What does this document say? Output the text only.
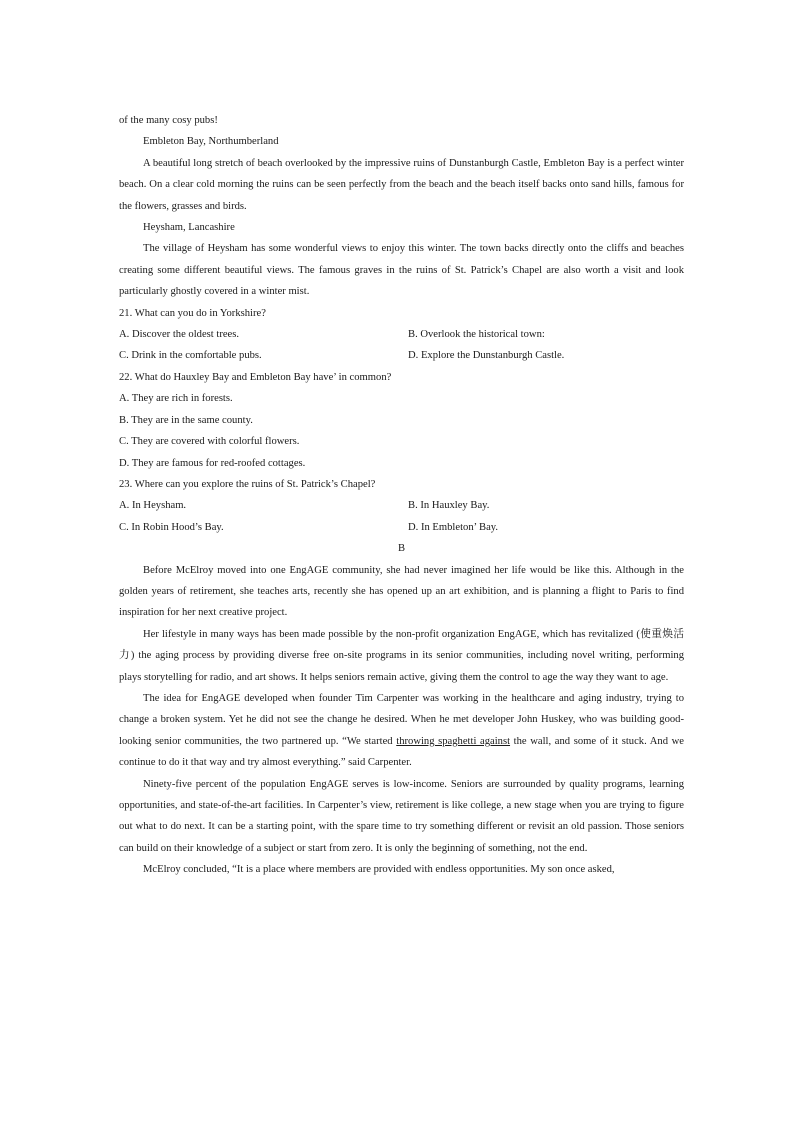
of the many cosy pubs!

Embleton Bay, Northumberland

A beautiful long stretch of beach overlooked by the impressive ruins of Dunstanburgh Castle, Embleton Bay is a perfect winter beach. On a clear cold morning the ruins can be seen perfectly from the beach and the beach itself backs onto sand hills, famous for the flowers, grasses and birds.

Heysham, Lancashire

The village of Heysham has some wonderful views to enjoy this winter. The town backs directly onto the cliffs and beaches creating some different beautiful views. The famous graves in the ruins of St. Patrick’s Chapel are also worth a visit and look particularly ghostly covered in a winter mist.

21. What can you do in Yorkshire?

A. Discover the oldest trees.	B. Overlook the historical town:
C. Drink in the comfortable pubs.	D. Explore the Dunstanburgh Castle.

22. What do Hauxley Bay and Embleton Bay have’ in common?

A. They are rich in forests.

B. They are in the same county.

C. They are covered with colorful flowers.

D. They are famous for red-roofed cottages.

23. Where can you explore the ruins of St. Patrick’s Chapel?

A. In Heysham.	B. In Hauxley Bay.
C. In Robin Hood’s Bay.	D. In Embleton’ Bay.

B

Before McElroy moved into one EngAGE community, she had never imagined her life would be like this. Although in the golden years of retirement, she teaches arts, recently she has opened up an art exhibition, and is planning a flight to Paris to find inspiration for her next creative project.

Her lifestyle in many ways has been made possible by the non-profit organization EngAGE, which has revitalized (使重焕活力) the aging process by providing diverse free on-site programs in its senior communities, including novel writing, performing plays storytelling for radio, and art shows. It helps seniors remain active, giving them the control to age the way they want to age.

The idea for EngAGE developed when founder Tim Carpenter was working in the healthcare and aging industry, trying to change a broken system. Yet he did not see the change he desired. When he met developer John Huskey, who was building good-looking senior communities, the two partnered up. “We started throwing spaghetti against the wall, and some of it stuck. And we continue to do it that way and try almost everything.” said Carpenter.

Ninety-five percent of the population EngAGE serves is low-income. Seniors are surrounded by quality programs, learning opportunities, and state-of-the-art facilities. In Carpenter’s view, retirement is like college, a new stage when you are trying to figure out what to do next. It can be a starting point, with the spare time to try something different or revisit an old passion. Those seniors can build on their knowledge of a subject or start from zero. It is only the beginning of something, not the end.

McElroy concluded, “It is a place where members are provided with endless opportunities. My son once asked,
